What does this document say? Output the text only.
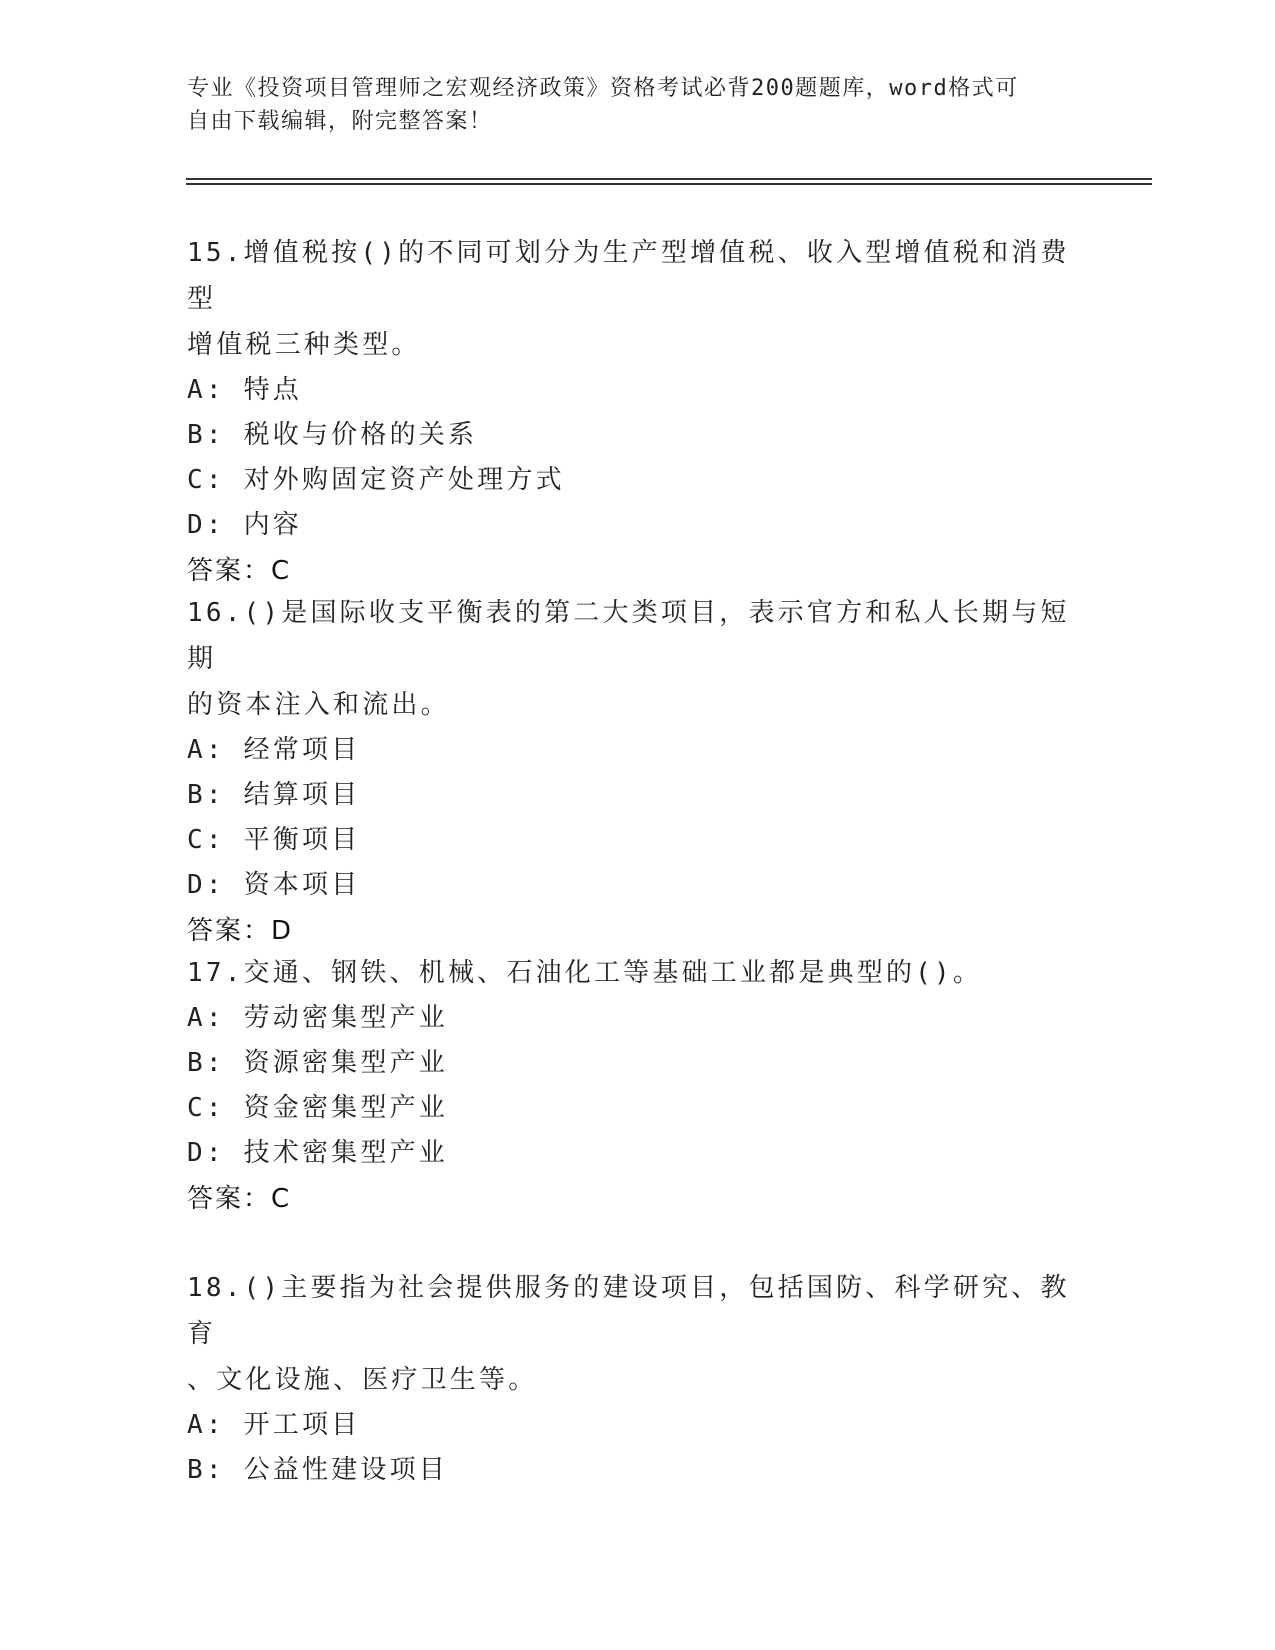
专业《投资项目管理师之宏观经济政策》资格考试必背200题题库，word格式可
自由下载编辑，附完整答案！

15.增值税按()的不同可划分为生产型增值税、收入型增值税和消费型

增值税三种类型。

A:
特点

B:
税收与价格的关系

C:
对外购固定资产处理方式

D:
内容

答案：C

16.()是国际收支平衡表的第二大类项目，表示官方和私人长期与短期

的资本注入和流出。

A:
经常项目

B:
结算项目

C:
平衡项目

D:
资本项目

答案：D

17.交通、钢铁、机械、石油化工等基础工业都是典型的()。

A:
劳动密集型产业

B:
资源密集型产业

C:
资金密集型产业

D:
技术密集型产业

答案：C

18.()主要指为社会提供服务的建设项目，包括国防、科学研究、教育

、文化设施、医疗卫生等。

A:
开工项目

B:
公益性建设项目
